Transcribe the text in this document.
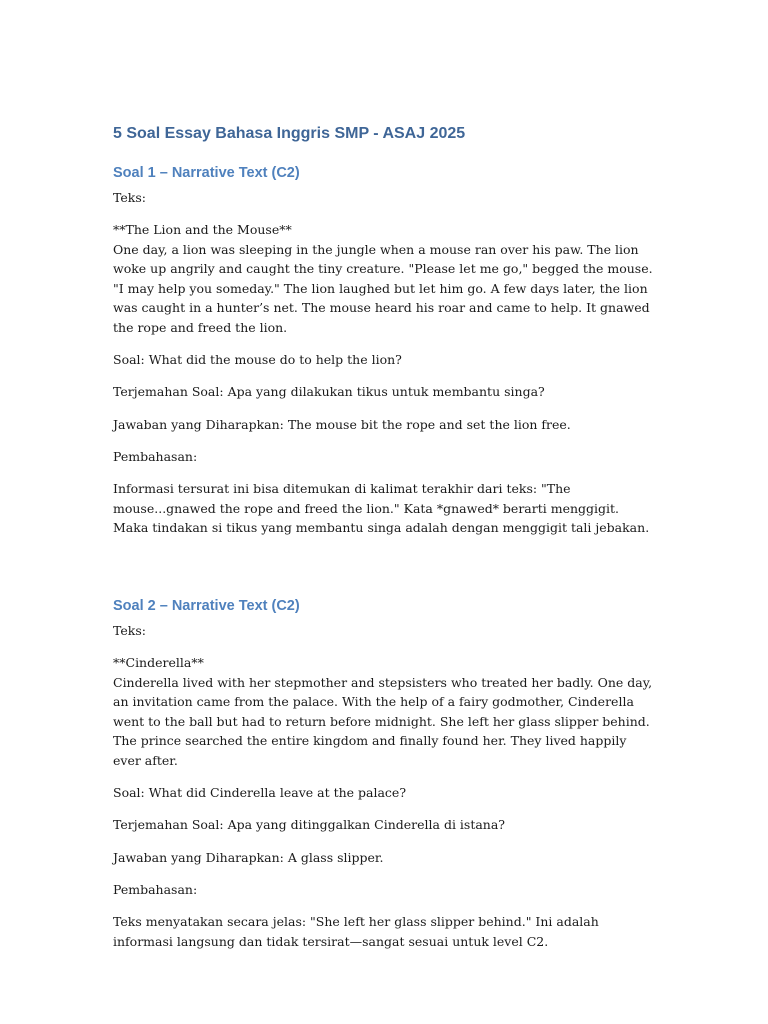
5 Soal Essay Bahasa Inggris SMP - ASAJ 2025
Soal 1 – Narrative Text (C2)

Teks:

**The Lion and the Mouse**
One day, a lion was sleeping in the jungle when a mouse ran over his paw. The lion woke up angrily and caught the tiny creature. "Please let me go," begged the mouse. "I may help you someday." The lion laughed but let him go. A few days later, the lion was caught in a hunter’s net. The mouse heard his roar and came to help. It gnawed the rope and freed the lion.

Soal: What did the mouse do to help the lion?

Terjemahan Soal: Apa yang dilakukan tikus untuk membantu singa?

Jawaban yang Diharapkan: The mouse bit the rope and set the lion free.

Pembahasan:

Informasi tersurat ini bisa ditemukan di kalimat terakhir dari teks: "The mouse...gnawed the rope and freed the lion." Kata *gnawed* berarti menggigit. Maka tindakan si tikus yang membantu singa adalah dengan menggigit tali jebakan.

Soal 2 – Narrative Text (C2)

Teks:

**Cinderella**
Cinderella lived with her stepmother and stepsisters who treated her badly. One day, an invitation came from the palace. With the help of a fairy godmother, Cinderella went to the ball but had to return before midnight. She left her glass slipper behind. The prince searched the entire kingdom and finally found her. They lived happily ever after.

Soal: What did Cinderella leave at the palace?

Terjemahan Soal: Apa yang ditinggalkan Cinderella di istana?

Jawaban yang Diharapkan: A glass slipper.

Pembahasan:

Teks menyatakan secara jelas: "She left her glass slipper behind." Ini adalah informasi langsung dan tidak tersirat—sangat sesuai untuk level C2.
